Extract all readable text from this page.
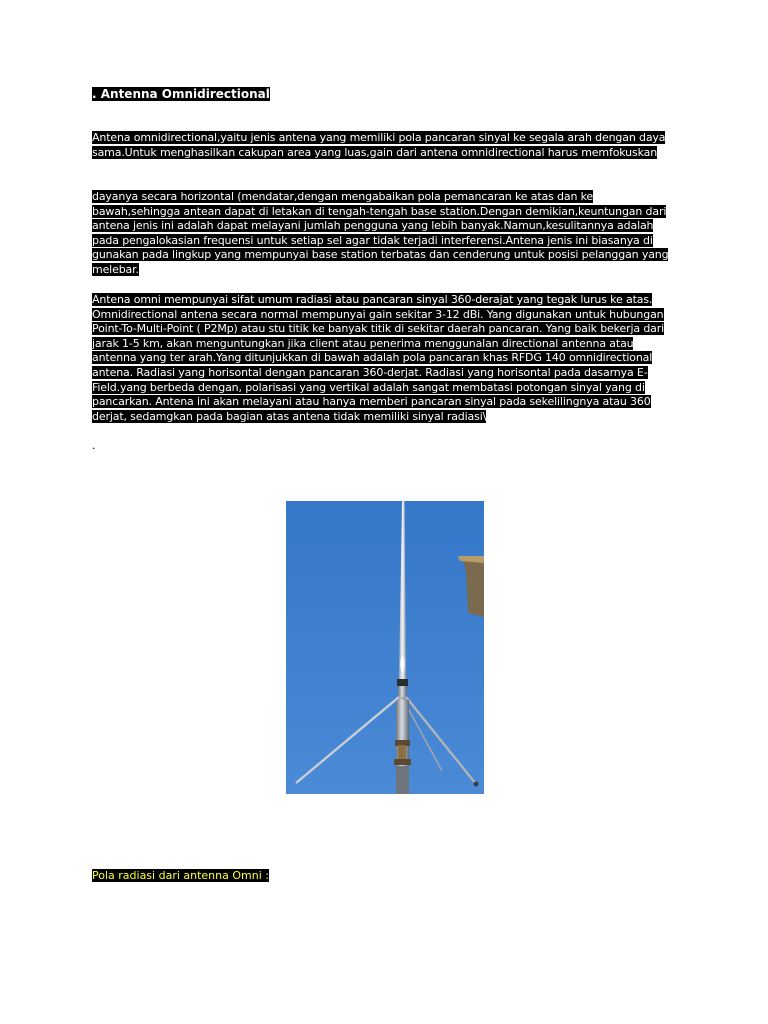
. Antenna Omnidirectional

Antena omnidirectional,yaitu jenis antena yang memiliki pola pancaran sinyal ke segala arah dengan daya sama.Untuk menghasilkan cakupan area yang luas,gain dari antena omnidirectional harus memfokuskan

dayanya secara horizontal (mendatar,dengan mengabaikan pola pemancaran ke atas dan ke bawah,sehingga antean dapat di letakan di tengah-tengah base station.Dengan demikian,keuntungan dari antena jenis ini adalah dapat melayani jumlah pengguna yang lebih banyak.Namun,kesulitannya adalah pada pengalokasian frequensi untuk setiap sel agar tidak terjadi interferensi.Antena jenis ini biasanya di gunakan pada lingkup yang mempunyai base station terbatas dan cenderung untuk posisi pelanggan yang melebar.

Antena omni mempunyai sifat umum radiasi atau pancaran sinyal 360-derajat yang tegak lurus ke atas. Omnidirectional antena secara normal mempunyai gain sekitar 3-12 dBi. Yang digunakan untuk hubungan Point-To-Multi-Point ( P2Mp) atau stu titik ke banyak titik di sekitar daerah pancaran. Yang baik bekerja dari jarak 1-5 km, akan menguntungkan jika client atau penerima menggunalan directional antenna atau antenna yang ter arah.Yang ditunjukkan di bawah adalah pola pancaran khas RFDG 140 omnidirectional antena. Radiasi yang horisontal dengan pancaran 360-derjat. Radiasi yang horisontal pada dasarnya E-Field.yang berbeda dengan, polarisasi yang vertikal adalah sangat membatasi potongan sinyal yang di pancarkan. Antena ini akan melayani atau hanya memberi pancaran sinyal pada sekelilingnya atau 360 derjat, sedamgkan pada bagian atas antena tidak memiliki sinyal radiasi\

.
Pola radiasi dari antenna Omni :
